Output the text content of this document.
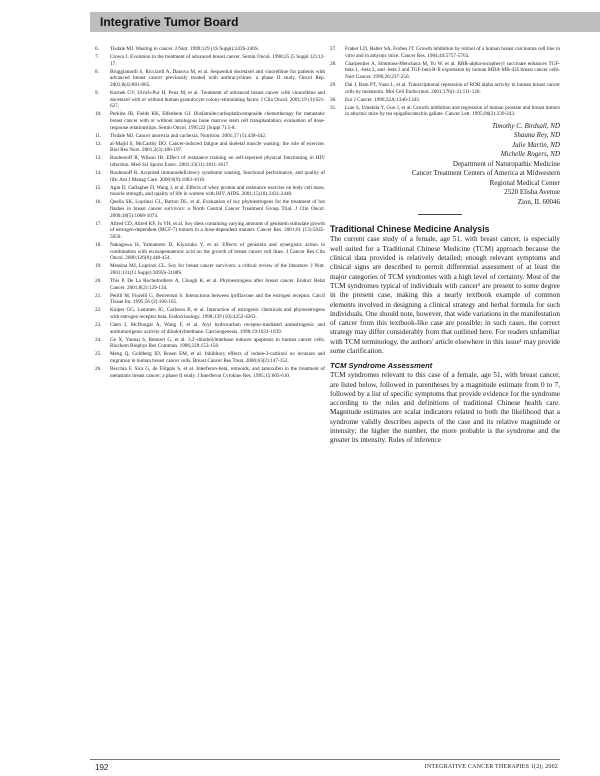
Integrative Tumor Board
6. Tisdale MJ. Wasting in cancer. J Nutr. 1999;129 (1S Suppl):243S-246S.
7. Crown J. Evolution in the treatment of advanced breast cancer. Semin Oncol. 1998;25 (5 Suppl 12):12-17.
8. Bruggiamolli S, Ricciardi A, Danova M, et al. Sequential docetaxel and vinorelbine for patients with advanced breast cancer previously treated with anthracyclines: a phase II study. Oncol Rep. 2001;8(4):801-805.
9. Kornek GV, Ulrich-Pur H, Penz M, et al. Treatment of advanced breast cancer with vinorelbine and docetaxel with or without human granulocyte colony-stimulating factor. J Clin Oncol. 2001;19 (3):621-627.
10. Perkins JB, Fields KK, Elfenbein GJ. Ifosfamide/carboplatin/etoposide chemotherapy for metastatic breast cancer with or without autologous bone marrow stem cell transplantation: evaluation of dose-response relationships. Semin Oncol. 1995;22 (Suppl 7):5-8.
11. Tisdale MJ. Cancer anorexia and cachexia. Nutrition. 2001;17 (5):438-442.
12. al-Majid S, McCarthy DO. Cancer-induced fatigue and skeletal muscle wasting: the role of exercise. Biol Res Nurs. 2001;2(3):186-197.
13. Roubenoff R, Wilson IB. Effect of resistance training on self-reported physical functioning in HIV infection. Med Sci Sports Exerc. 2001;33(11):1811-1817.
14. Roubenoff R. Acquired immunodeficiency syndrome wasting, functional performance, and quality of life. Am J Manag Care. 2000;6(9):1003-1016.
15. Agin D, Gallagher D, Wang J, et al. Effects of whey protein and resistance exercise on body cell mass, muscle strength, and quality of life in women with HIV. AIDS. 2001;15(18):2431-2440.
16. Quella SK, Loprinzi CL, Barton DL, et al. Evaluation of soy phytoestrogens for the treatment of hot flashes in breast cancer survivors: a North Central Cancer Treatment Group Trial. J Clin Oncol. 2000;18(5):1068-1074.
17. Allred CD, Allred KF, Ju YH, et al. Soy diets containing varying amounts of genistein stimulate growth of estrogen-dependent (MCF-7) tumors in a dose-dependent manner. Cancer Res. 2001;61 (13):5045-5050.
18. Nakagawa H, Yamamoto D, Kiyozuka Y, et al. Effects of genistein and synergistic action in combination with eicosapentaenoic acid on the growth of breast cancer cell lines. J Cancer Res Clin Oncol. 2000;126(8):448-454.
19. Messina MJ, Loprinzi CL. Soy for breast cancer survivors: a critical review of the literature. J Nutr. 2001;131(11 Suppl):3095S-3108S.
20. This P, De La Rochefordiere A, Clough K, et al. Phytoestrogens after breast cancer. Endocr Relat Cancer. 2001;8(2):129-134.
21. Petilli M, Fiorelli G, Benvenuti S. Interactions between ipriflavone and the estrogen receptor. Calcif Tissue Int. 1995;56 (2):160-165.
22. Kuiper GG, Lemmen JG, Carlsson B, et al. Interaction of estrogenic chemicals and phytoestrogens with estrogen receptor beta. Endocrinology. 1998;139 (10):4252-4263.
23. Chen I, McDougal A, Wang F, et al. Aryl hydrocarbon receptor-mediated antiestrogenic and antitumorigenic activity of diindolylmethane. Carcinogenesis. 1998;19:1631-1639.
24. Ge X, Yannai S, Rennert G, et al. 3,3'-diindolylmethane induces apoptosis in human cancer cells. Biochem Biophys Res Commun. 1996;228:153-158.
25. Meng Q, Goldberg ID, Rosen EM, et al. Inhibitory effects of indole-3-carbinol on invasion and migration in human breast cancer cells. Breast Cancer Res Treat. 2000;63(2):147-152.
26. Recchia F, Sica G, de Filippis S, et al. Interferon-beta, retinoids, and tamoxifen in the treatment of metastatic breast cancer: a phase II study. J Interferon Cytokine Res. 1995;15:605-610.
27. Fraker LD, Halter SA, Forbes JT. Growth inhibition by retinol of a human breast carcinoma cell line in vitro and in athymic mice. Cancer Res. 1984;44:5757-5763.
28. Charpentier A, Simmons-Menchaca M, Yu W, et al. RRR-alpha-tocopheryl succinate enhances TGF-beta 1, -beta 2, and -beta 3 and TGF-beta R-II expression by human MDA-MB-435 breast cancer cells. Nutr Cancer. 1996;26:237-250.
29. Dai J, Ram PT, Yuan L, et al. Transcriptional repression of ROR alpha activity in human breast cancer cells by melatonin. Mol Cell Endocrinol. 2001;176(1-2):111-120.
30. Eur J Cancer. 1996;32A:1340-1343.
31. Liao S, Umekita Y, Guo J, et al. Growth inhibition and regression of human prostate and breast tumors in athymic mice by tea epigallocatechin gallate. Cancer Lett. 1995;96(2):239-243.
Timothy C. Birdsall, ND
Shauna Rey, ND
Julie Martin, ND
Michelle Rogers, ND
Department of Naturopathic Medicine
Cancer Treatment Centers of America at Midwestern
Regional Medical Center
2520 Elisha Avenue
Zion, IL 60046
Traditional Chinese Medicine Analysis

The current case study of a female, age 51, with breast cancer, is especially well suited for a Traditional Chinese Medicine (TCM) approach because the clinical data provided is relatively detailed; enough relevant symptoms and clinical signs are described to permit differential assessment of at least the major categories of TCM syndromes with a high level of certainty. Most of the TCM syndromes typical of individuals with cancer¹ are present to some degree in the present case, making this a nearly textbook example of common elements involved in designing a clinical strategy and herbal formula for such individuals. One should note, however, that wide variations in the manifestation of cancer from this textbook-like case are possible; in such cases, the correct strategy may differ considerably from that outlined here. For readers unfamiliar with TCM terminology, the authors' article elsewhere in this issue¹ may provide some clarification.

TCM Syndrome Assessment

TCM syndromes relevant to this case of a female, age 51, with breast cancer, are listed below, followed in parentheses by a magnitude estimate from 0 to 7, followed by a list of specific symptoms that provide evidence for the syndrome according to the rules and definitions of traditional Chinese health care. Magnitude estimates are scalar indicators related to both the likelihood that a syndrome validly describes aspects of the case and its relative magnitude or intensity; the higher the number, the more probable is the syndrome and the greater its intensity. Rules of inference

192	INTEGRATIVE CANCER THERAPIES 1(2); 2002
